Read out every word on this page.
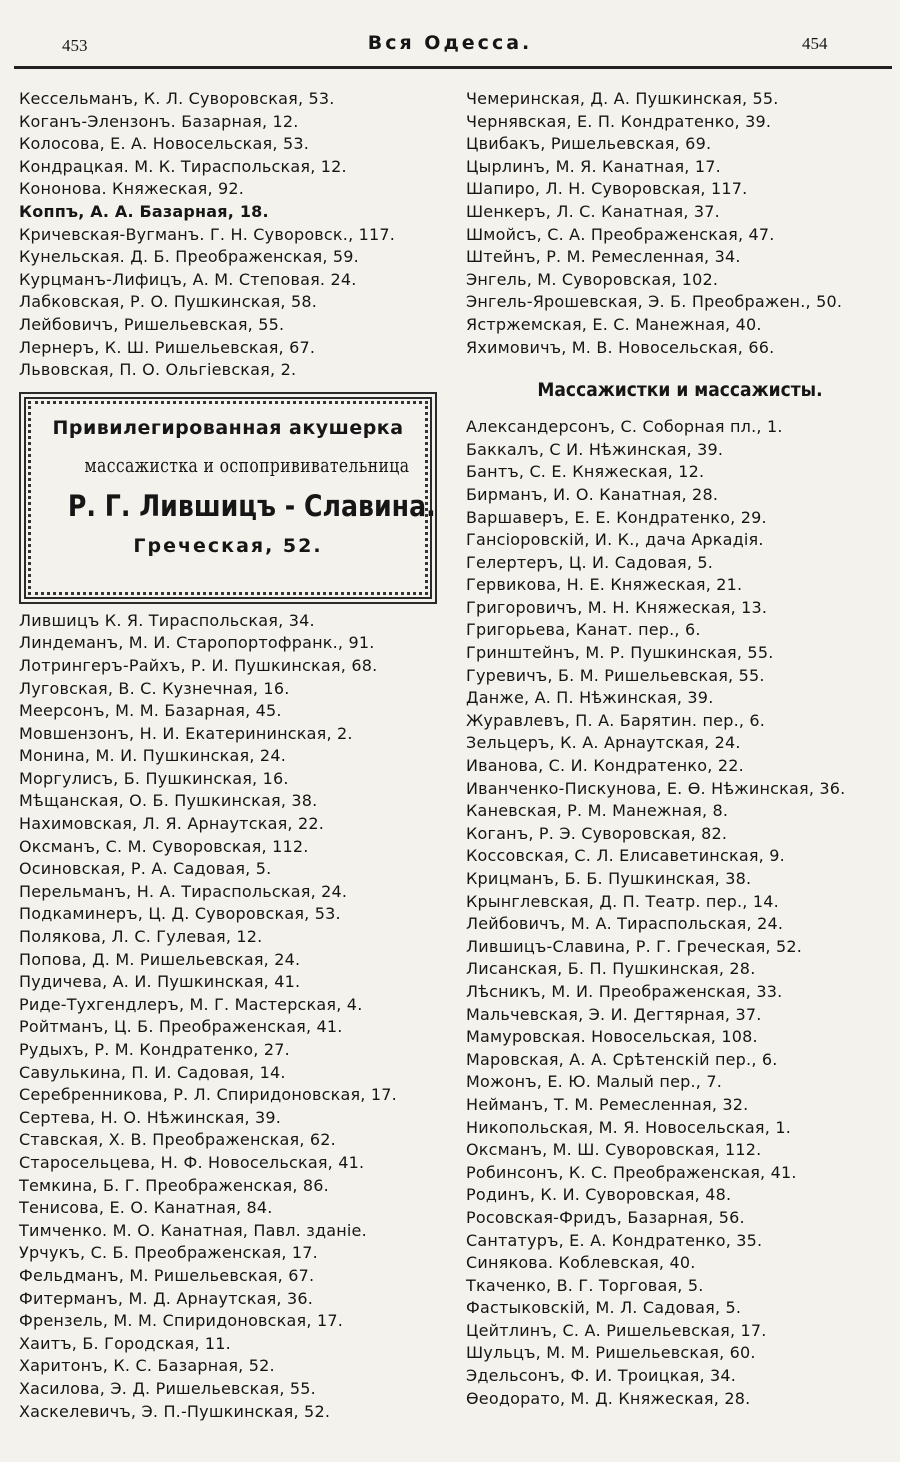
453	Вся Одесса.	454
Кессельманъ, К. Л. Суворовская, 53.
Коганъ-Элензонъ. Базарная, 12.
Колосова, Е. А. Новосельская, 53.
Кондрацкая. М. К. Тираспольская, 12.
Кононова. Княжеская, 92.
Коппъ, А. А. Базарная, 18.
Кричевская-Вугманъ. Г. Н. Суворовск., 117.
Кунельская. Д. Б. Преображенская, 59.
Курцманъ-Лифицъ, А. М. Степовая. 24.
Лабковская, Р. О. Пушкинская, 58.
Лейбовичъ, Ришельевская, 55.
Лернеръ, К. Ш. Ришельевская, 67.
Львовская, П. О. Ольгiевская, 2.
Привилегированная акушерка
массажистка и оспопрививательница
Р. Г. Лившицъ - Славина.
Греческая, 52.
Лившицъ К. Я. Тираспольская, 34.
Линдеманъ, М. И. Старопортофранк., 91.
Лотрингеръ-Райхъ, Р. И. Пушкинская, 68.
Луговская, В. С. Кузнечная, 16.
Меерсонъ, М. М. Базарная, 45.
Мовшензонъ, Н. И. Екатерининская, 2.
Монина, М. И. Пушкинская, 24.
Моргулисъ, Б. Пушкинская, 16.
Мѣщанская, О. Б. Пушкинская, 38.
Нахимовская, Л. Я. Арнаутская, 22.
Оксманъ, С. М. Суворовская, 112.
Осиновская, Р. А. Садовая, 5.
Перельманъ, Н. А. Тираспольская, 24.
Подкаминеръ, Ц. Д. Суворовская, 53.
Полякова, Л. С. Гулевая, 12.
Попова, Д. М. Ришельевская, 24.
Пудичева, А. И. Пушкинская, 41.
Риде-Тухгендлеръ, М. Г. Мастерская, 4.
Ройтманъ, Ц. Б. Преображенская, 41.
Рудыхъ, Р. М. Кондратенко, 27.
Савулькина, П. И. Садовая, 14.
Серебренникова, Р. Л. Спиридоновская, 17.
Сертева, Н. О. Нѣжинская, 39.
Ставская, Х. В. Преображенская, 62.
Старосельцева, Н. Ф. Новосельская, 41.
Темкина, Б. Г. Преображенская, 86.
Тенисова, Е. О. Канатная, 84.
Тимченко. М. О. Канатная, Павл. зданiе.
Урчукъ, С. Б. Преображенская, 17.
Фельдманъ, М. Ришельевская, 67.
Фитерманъ, М. Д. Арнаутская, 36.
Френзель, М. М. Спиридоновская, 17.
Хаитъ, Б. Городская, 11.
Харитонъ, К. С. Базарная, 52.
Хасилова, Э. Д. Ришельевская, 55.
Хаскелевичъ, Э. П.-Пушкинская, 52.
Чемеринская, Д. А. Пушкинская, 55.
Чернявская, Е. П. Кондратенко, 39.
Цвибакъ, Ришельевская, 69.
Цырлинъ, М. Я. Канатная, 17.
Шапиро, Л. Н. Суворовская, 117.
Шенкеръ, Л. С. Канатная, 37.
Шмойсъ, С. А. Преображенская, 47.
Штейнъ, Р. М. Ремесленная, 34.
Энгель, М. Суворовская, 102.
Энгель-Ярошевская, Э. Б. Преображен., 50.
Ястржемская, Е. С. Манежная, 40.
Яхимовичъ, М. В. Новосельская, 66.
Массажистки и массажисты.
Александерсонъ, С. Соборная пл., 1.
Баккалъ, С И. Нѣжинская, 39.
Бантъ, С. Е. Княжеская, 12.
Бирманъ, И. О. Канатная, 28.
Варшаверъ, Е. Е. Кондратенко, 29.
Гансiоровскiй, И. К., дача Аркадiя.
Гелертеръ, Ц. И. Садовая, 5.
Гервикова, Н. Е. Княжеская, 21.
Григоровичъ, М. Н. Княжеская, 13.
Григорьева, Канат. пер., 6.
Гринштейнъ, М. Р. Пушкинская, 55.
Гуревичъ, Б. М. Ришельевская, 55.
Данже, А. П. Нѣжинская, 39.
Журавлевъ, П. А. Барятин. пер., 6.
Зельцеръ, К. А. Арнаутская, 24.
Иванова, С. И. Кондратенко, 22.
Иванченко-Пискунова, Е. Ѳ. Нѣжинская, 36.
Каневская, Р. М. Манежная, 8.
Коганъ, Р. Э. Суворовская, 82.
Коссовская, С. Л. Елисаветинская, 9.
Крицманъ, Б. Б. Пушкинская, 38.
Крынглевская, Д. П. Театр. пер., 14.
Лейбовичъ, М. А. Тираспольская, 24.
Лившицъ-Славина, Р. Г. Греческая, 52.
Лисанская, Б. П. Пушкинская, 28.
Лѣсникъ, М. И. Преображенская, 33.
Мальчевская, Э. И. Дегтярная, 37.
Мамуровская. Новосельская, 108.
Маровская, А. А. Срѣтенскiй пер., 6.
Можонъ, Е. Ю. Малый пер., 7.
Нейманъ, Т. М. Ремесленная, 32.
Никопольская, М. Я. Новосельская, 1.
Оксманъ, М. Ш. Суворовская, 112.
Робинсонъ, К. С. Преображенская, 41.
Родинъ, К. И. Суворовская, 48.
Росовская-Фридъ, Базарная, 56.
Сантатуръ, Е. А. Кондратенко, 35.
Синякова. Коблевская, 40.
Ткаченко, В. Г. Торговая, 5.
Фастыковскiй, М. Л. Садовая, 5.
Цейтлинъ, С. А. Ришельевская, 17.
Шульцъ, М. М. Ришельевская, 60.
Эдельсонъ, Ф. И. Троицкая, 34.
Ѳеодорато, М. Д. Княжеская, 28.
